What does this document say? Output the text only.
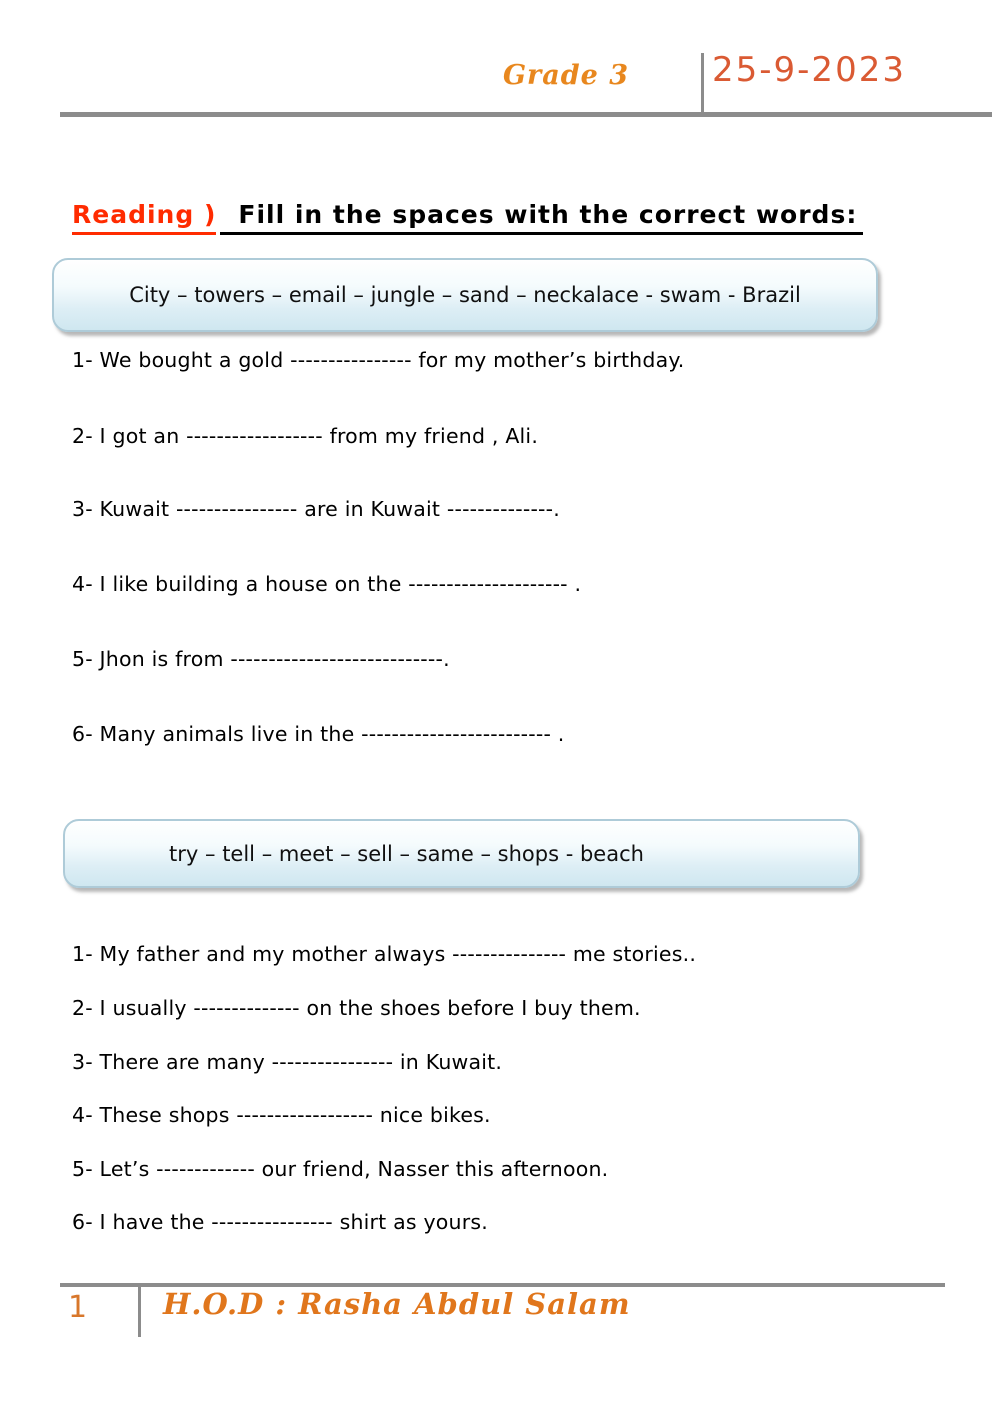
Grade 3 25-9-2023
Reading ) Fill in the spaces with the correct words:
City – towers – email – jungle – sand – neckalace - swam - Brazil

1- We bought a gold ---------------- for my mother’s birthday.

2- I got an ------------------ from my friend , Ali.

3- Kuwait ---------------- are in Kuwait --------------.

4- I like building a house on the --------------------- .

5- Jhon is from ----------------------------.

6- Many animals live in the ------------------------- .

try – tell – meet – sell – same – shops - beach

1- My father and my mother always --------------- me stories..

2- I usually -------------- on the shoes before I buy them.

3- There are many ---------------- in Kuwait.

4- These shops ------------------ nice bikes.

5- Let’s ------------- our friend, Nasser this afternoon.

6- I have the ---------------- shirt as yours.

1	H.O.D : Rasha Abdul Salam
